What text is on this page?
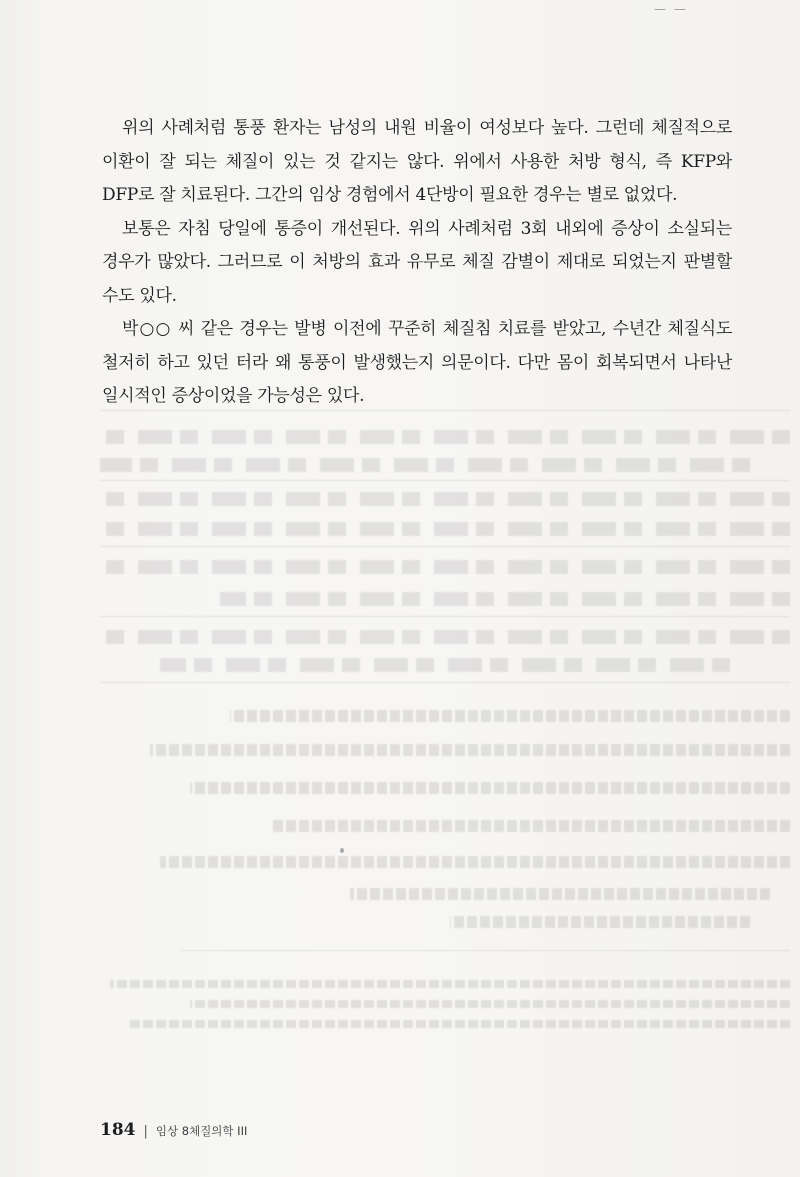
— —

위의 사례처럼 통풍 환자는 남성의 내원 비율이 여성보다 높다. 그런데 체질적으로 이환이 잘 되는 체질이 있는 것 같지는 않다. 위에서 사용한 처방 형식, 즉 KFP와 DFP로 잘 치료된다. 그간의 임상 경험에서 4단방이 필요한 경우는 별로 없었다.

보통은 자침 당일에 통증이 개선된다. 위의 사례처럼 3회 내외에 증상이 소실되는 경우가 많았다. 그러므로 이 처방의 효과 유무로 체질 감별이 제대로 되었는지 판별할 수도 있다.

박○○ 씨 같은 경우는 발병 이전에 꾸준히 체질침 치료를 받았고, 수년간 체질식도 철저히 하고 있던 터라 왜 통풍이 발생했는지 의문이다. 다만 몸이 회복되면서 나타난 일시적인 증상이었을 가능성은 있다.

184 | 임상 8체질의학 III
